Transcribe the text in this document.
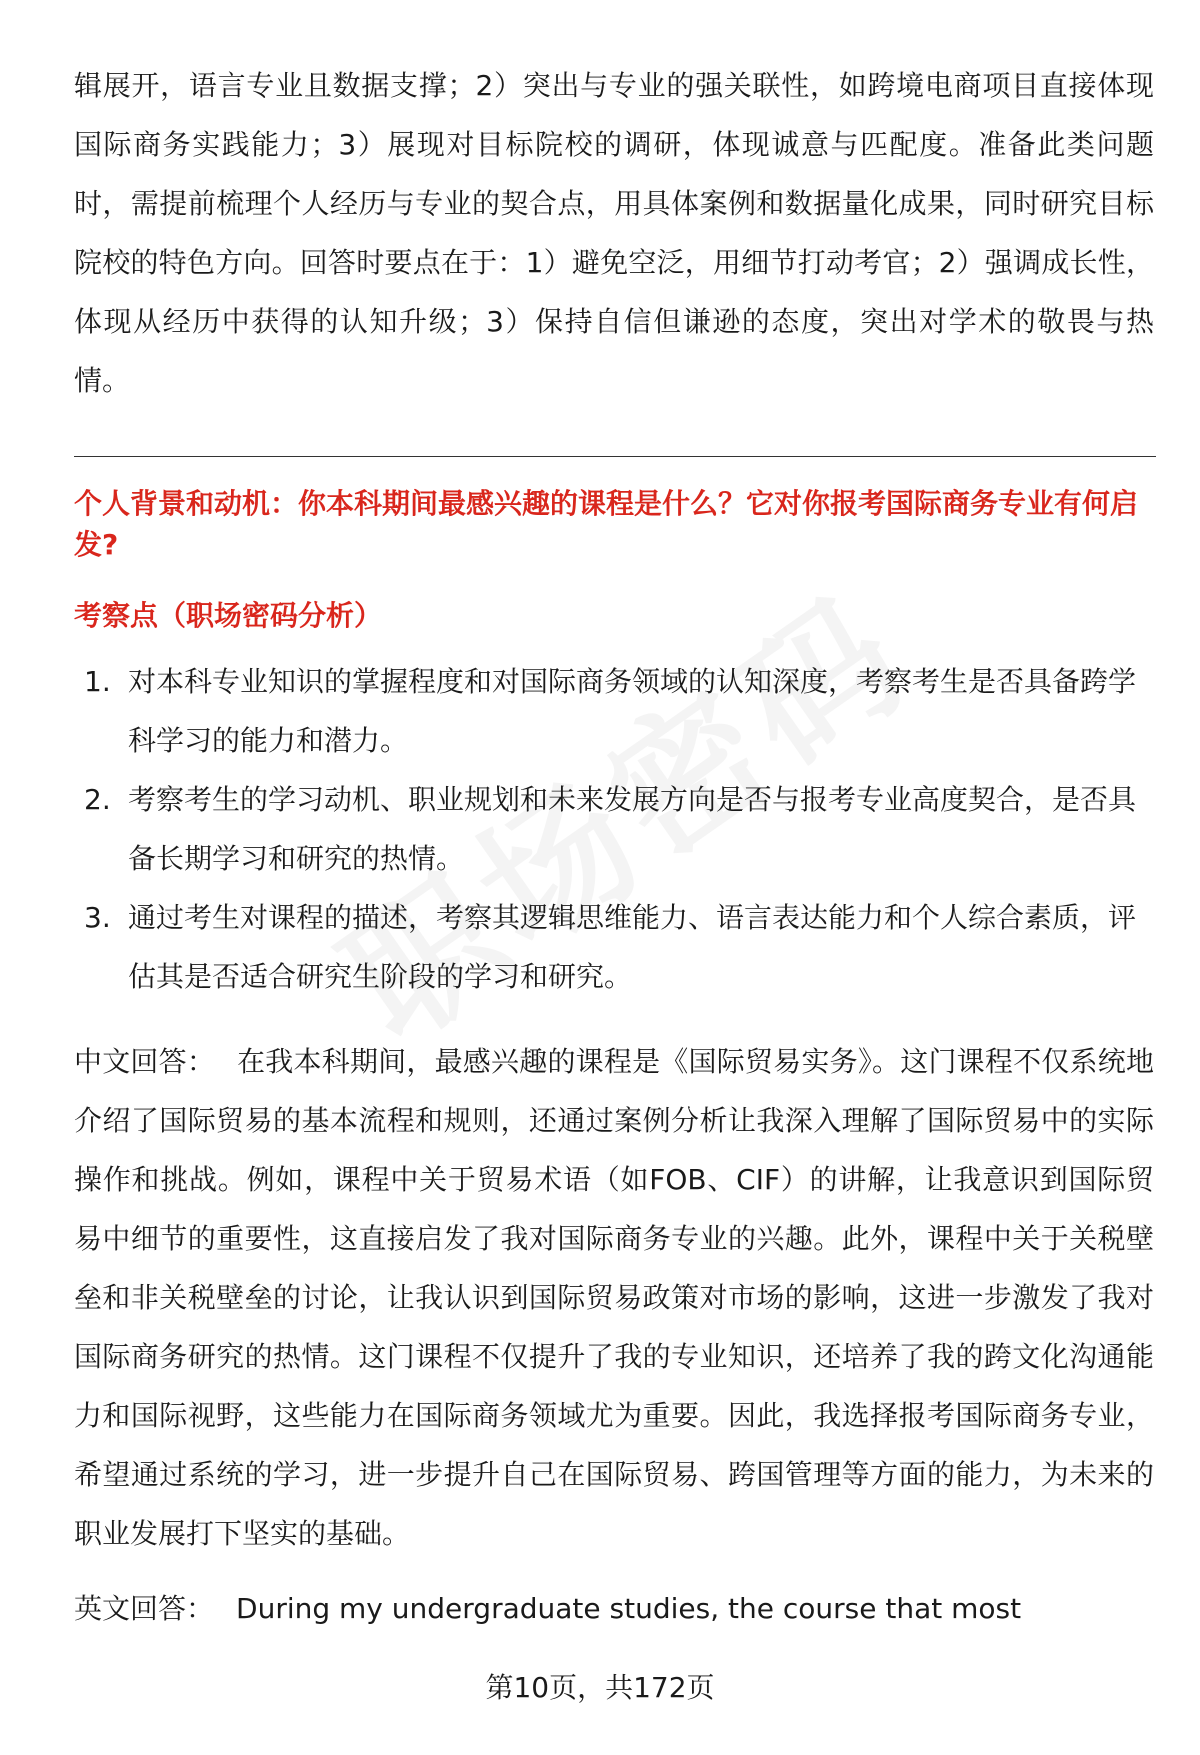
辑展开，语言专业且数据支撑；2）突出与专业的强关联性，如跨境电商项目直接体现国际商务实践能力；3）展现对目标院校的调研，体现诚意与匹配度。准备此类问题时，需提前梳理个人经历与专业的契合点，用具体案例和数据量化成果，同时研究目标院校的特色方向。回答时要点在于：1）避免空泛，用细节打动考官；2）强调成长性，体现从经历中获得的认知升级；3）保持自信但谦逊的态度，突出对学术的敬畏与热情。

个人背景和动机：你本科期间最感兴趣的课程是什么？它对你报考国际商务专业有何启发?

考察点（职场密码分析）

1. 对本科专业知识的掌握程度和对国际商务领域的认知深度，考察考生是否具备跨学科学习的能力和潜力。
2. 考察考生的学习动机、职业规划和未来发展方向是否与报考专业高度契合，是否具备长期学习和研究的热情。
3. 通过考生对课程的描述，考察其逻辑思维能力、语言表达能力和个人综合素质，评估其是否适合研究生阶段的学习和研究。

中文回答： 在我本科期间，最感兴趣的课程是《国际贸易实务》。这门课程不仅系统地介绍了国际贸易的基本流程和规则，还通过案例分析让我深入理解了国际贸易中的实际操作和挑战。例如，课程中关于贸易术语（如FOB、CIF）的讲解，让我意识到国际贸易中细节的重要性，这直接启发了我对国际商务专业的兴趣。此外，课程中关于关税壁垒和非关税壁垒的讨论，让我认识到国际贸易政策对市场的影响，这进一步激发了我对国际商务研究的热情。这门课程不仅提升了我的专业知识，还培养了我的跨文化沟通能力和国际视野，这些能力在国际商务领域尤为重要。因此，我选择报考国际商务专业，希望通过系统的学习，进一步提升自己在国际贸易、跨国管理等方面的能力，为未来的职业发展打下坚实的基础。

英文回答： During my undergraduate studies, the course that most

第10页，共172页
